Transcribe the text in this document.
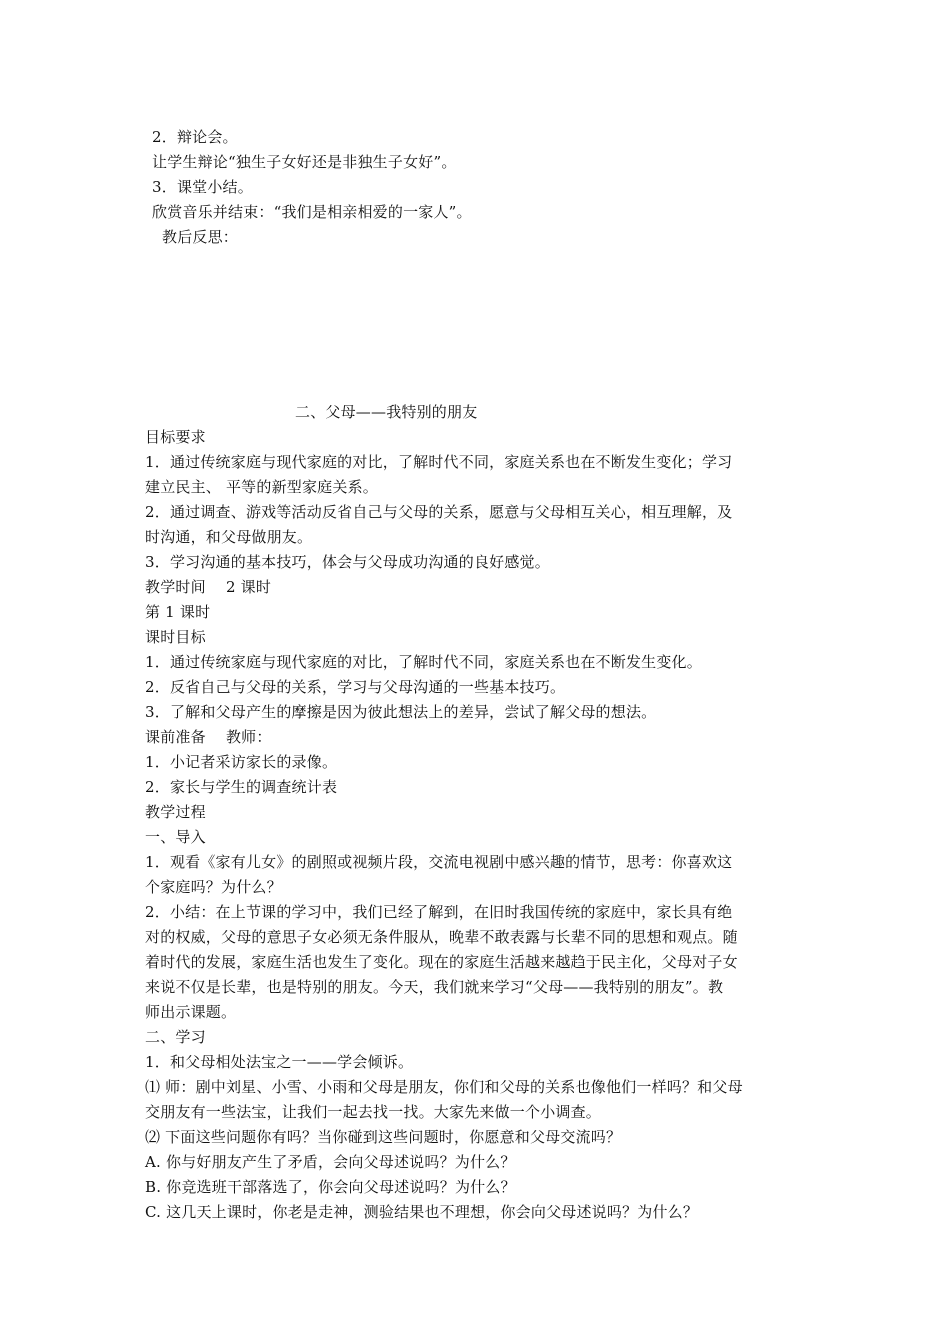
2．辩论会。
让学生辩论“独生子女好还是非独生子女好”。
3．课堂小结。
欣赏音乐并结束：“我们是相亲相爱的一家人”。
教后反思：
二、父母——我特别的朋友
目标要求
1．通过传统家庭与现代家庭的对比，了解时代不同，家庭关系也在不断发生变化；学习
建立民主、 平等的新型家庭关系。
2．通过调查、游戏等活动反省自己与父母的关系，愿意与父母相互关心，相互理解，及
时沟通，和父母做朋友。
3．学习沟通的基本技巧，体会与父母成功沟通的良好感觉。
教学时间　 2 课时
第 1 课时
课时目标
1．通过传统家庭与现代家庭的对比，了解时代不同，家庭关系也在不断发生变化。
2．反省自己与父母的关系，学习与父母沟通的一些基本技巧。
3．了解和父母产生的摩擦是因为彼此想法上的差异，尝试了解父母的想法。
课前准备　 教师：
1．小记者采访家长的录像。
2．家长与学生的调查统计表
教学过程
一、导入
1．观看《家有儿女》的剧照或视频片段，交流电视剧中感兴趣的情节，思考：你喜欢这
个家庭吗？为什么？
2．小结：在上节课的学习中，我们已经了解到，在旧时我国传统的家庭中，家长具有绝
对的权威，父母的意思子女必须无条件服从，晚辈不敢表露与长辈不同的思想和观点。随
着时代的发展，家庭生活也发生了变化。现在的家庭生活越来越趋于民主化，父母对子女
来说不仅是长辈，也是特别的朋友。今天，我们就来学习“父母——我特别的朋友”。教
师出示课题。
二、学习
1．和父母相处法宝之一——学会倾诉。
⑴ 师：剧中刘星、小雪、小雨和父母是朋友，你们和父母的关系也像他们一样吗？和父母
交朋友有一些法宝，让我们一起去找一找。大家先来做一个小调查。
⑵ 下面这些问题你有吗？当你碰到这些问题时，你愿意和父母交流吗？
A. 你与好朋友产生了矛盾，会向父母述说吗？为什么？
B. 你竞选班干部落选了，你会向父母述说吗？为什么？
C. 这几天上课时，你老是走神，测验结果也不理想，你会向父母述说吗？为什么？
